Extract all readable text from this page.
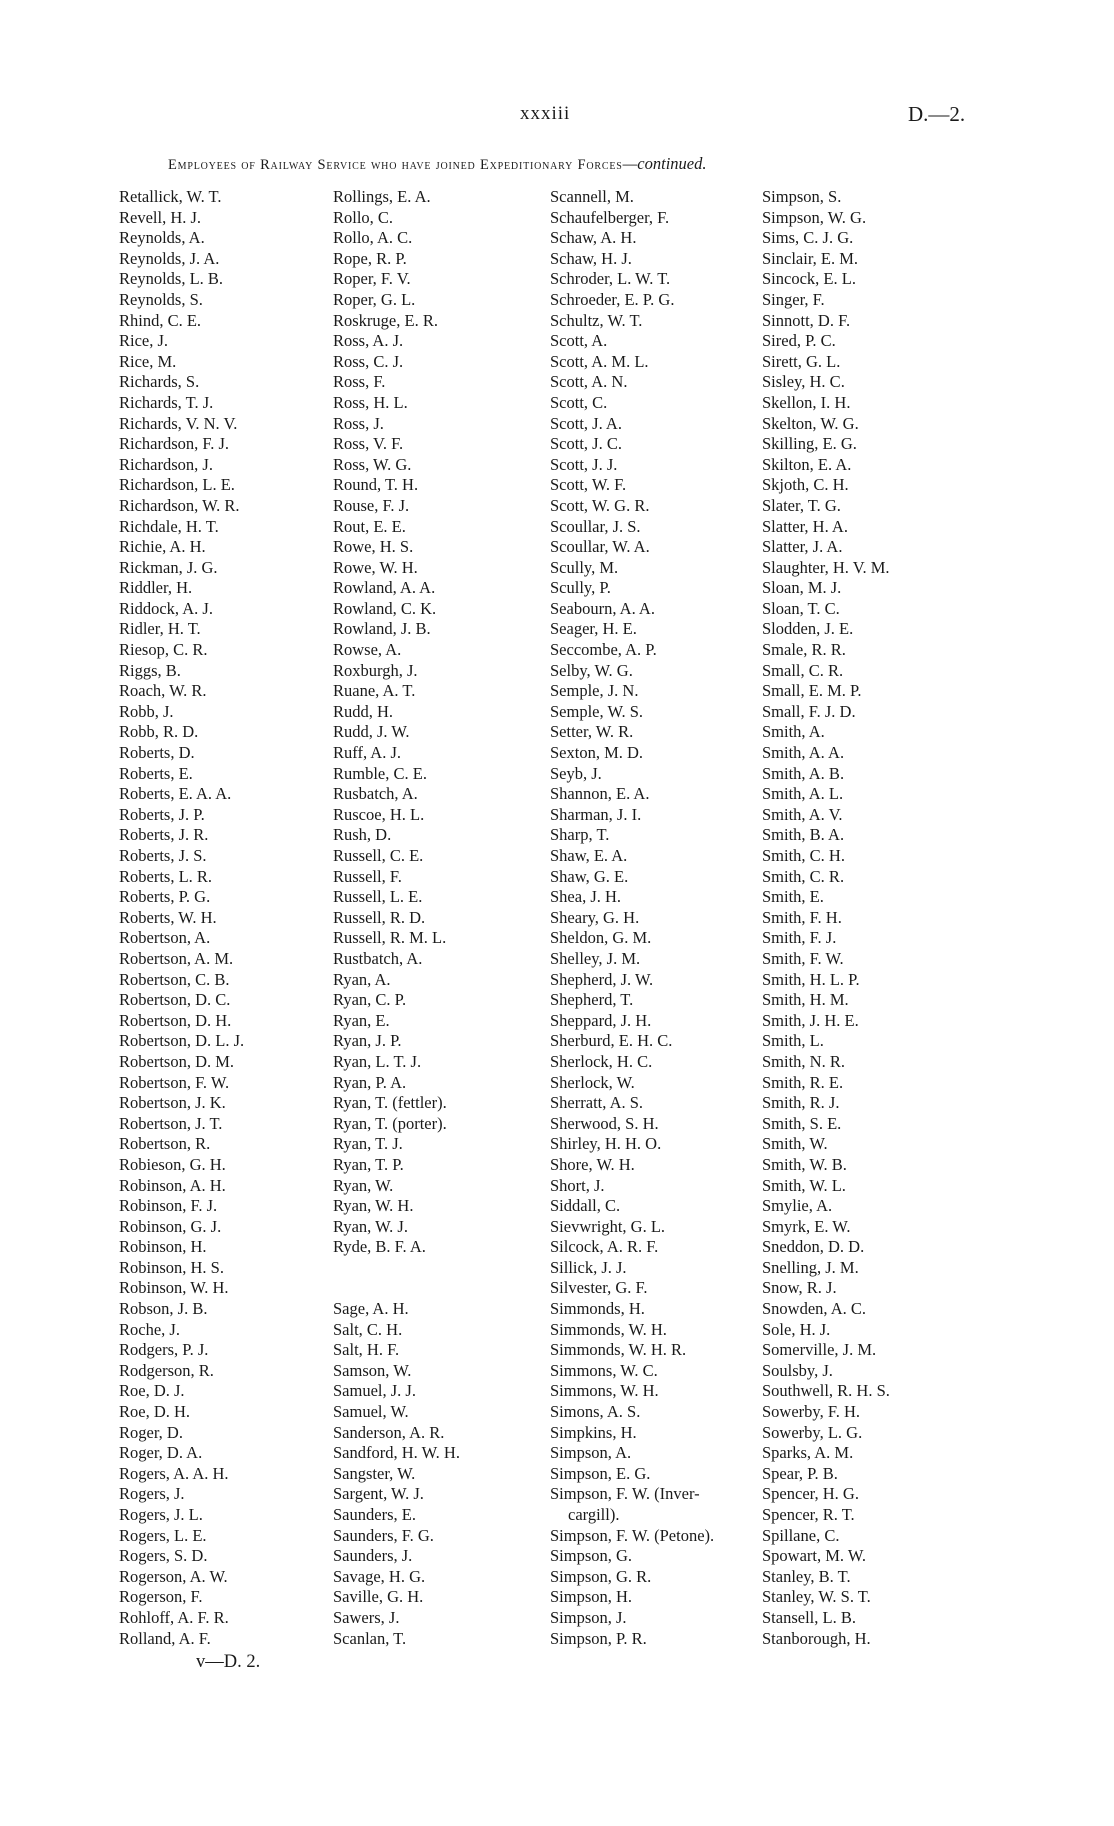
xxxiii	D.—2.
Employees of Railway Service who have joined Expeditionary Forces—continued.
Retallick, W. T.
Revell, H. J.
Reynolds, A.
Reynolds, J. A.
Reynolds, L. B.
Reynolds, S.
Rhind, C. E.
Rice, J.
Rice, M.
Richards, S.
Richards, T. J.
Richards, V. N. V.
Richardson, F. J.
Richardson, J.
Richardson, L. E.
Richardson, W. R.
Richdale, H. T.
Richie, A. H.
Rickman, J. G.
Riddler, H.
Riddock, A. J.
Ridler, H. T.
Riesop, C. R.
Riggs, B.
Roach, W. R.
Robb, J.
Robb, R. D.
Roberts, D.
Roberts, E.
Roberts, E. A. A.
Roberts, J. P.
Roberts, J. R.
Roberts, J. S.
Roberts, L. R.
Roberts, P. G.
Roberts, W. H.
Robertson, A.
Robertson, A. M.
Robertson, C. B.
Robertson, D. C.
Robertson, D. H.
Robertson, D. L. J.
Robertson, D. M.
Robertson, F. W.
Robertson, J. K.
Robertson, J. T.
Robertson, R.
Robieson, G. H.
Robinson, A. H.
Robinson, F. J.
Robinson, G. J.
Robinson, H.
Robinson, H. S.
Robinson, W. H.
Robson, J. B.
Roche, J.
Rodgers, P. J.
Rodgerson, R.
Roe, D. J.
Roe, D. H.
Roger, D.
Roger, D. A.
Rogers, A. A. H.
Rogers, J.
Rogers, J. L.
Rogers, L. E.
Rogers, S. D.
Rogerson, A. W.
Rogerson, F.
Rohloff, A. F. R.
Rolland, A. F.
Rollings, E. A.
Rollo, C.
Rollo, A. C.
Rope, R. P.
Roper, F. V.
Roper, G. L.
Roskruge, E. R.
Ross, A. J.
Ross, C. J.
Ross, F.
Ross, H. L.
Ross, J.
Ross, V. F.
Ross, W. G.
Round, T. H.
Rouse, F. J.
Rout, E. E.
Rowe, H. S.
Rowe, W. H.
Rowland, A. A.
Rowland, C. K.
Rowland, J. B.
Rowse, A.
Roxburgh, J.
Ruane, A. T.
Rudd, H.
Rudd, J. W.
Ruff, A. J.
Rumble, C. E.
Rusbatch, A.
Ruscoe, H. L.
Rush, D.
Russell, C. E.
Russell, F.
Russell, L. E.
Russell, R. D.
Russell, R. M. L.
Rustbatch, A.
Ryan, A.
Ryan, C. P.
Ryan, E.
Ryan, J. P.
Ryan, L. T. J.
Ryan, P. A.
Ryan, T. (fettler).
Ryan, T. (porter).
Ryan, T. J.
Ryan, T. P.
Ryan, W.
Ryan, W. H.
Ryan, W. J.
Ryde, B. F. A.
Sage, A. H.
Salt, C. H.
Salt, H. F.
Samson, W.
Samuel, J. J.
Samuel, W.
Sanderson, A. R.
Sandford, H. W. H.
Sangster, W.
Sargent, W. J.
Saunders, E.
Saunders, F. G.
Saunders, J.
Savage, H. G.
Saville, G. H.
Sawers, J.
Scanlan, T.
Scannell, M.
Schaufelberger, F.
Schaw, A. H.
Schaw, H. J.
Schroder, L. W. T.
Schroeder, E. P. G.
Schultz, W. T.
Scott, A.
Scott, A. M. L.
Scott, A. N.
Scott, C.
Scott, J. A.
Scott, J. C.
Scott, J. J.
Scott, W. F.
Scott, W. G. R.
Scoullar, J. S.
Scoullar, W. A.
Scully, M.
Scully, P.
Seabourn, A. A.
Seager, H. E.
Seccombe, A. P.
Selby, W. G.
Semple, J. N.
Semple, W. S.
Setter, W. R.
Sexton, M. D.
Seyb, J.
Shannon, E. A.
Sharman, J. I.
Sharp, T.
Shaw, E. A.
Shaw, G. E.
Shea, J. H.
Sheary, G. H.
Sheldon, G. M.
Shelley, J. M.
Shepherd, J. W.
Shepherd, T.
Sheppard, J. H.
Sherburd, E. H. C.
Sherlock, H. C.
Sherlock, W.
Sherratt, A. S.
Sherwood, S. H.
Shirley, H. H. O.
Shore, W. H.
Short, J.
Siddall, C.
Sievwright, G. L.
Silcock, A. R. F.
Sillick, J. J.
Silvester, G. F.
Simmonds, H.
Simmonds, W. H.
Simmonds, W. H. R.
Simmons, W. C.
Simmons, W. H.
Simons, A. S.
Simpkins, H.
Simpson, A.
Simpson, E. G.
Simpson, F. W. (Inver-
cargill).
Simpson, F. W. (Petone).
Simpson, G.
Simpson, G. R.
Simpson, H.
Simpson, J.
Simpson, P. R.
Simpson, S.
Simpson, W. G.
Sims, C. J. G.
Sinclair, E. M.
Sincock, E. L.
Singer, F.
Sinnott, D. F.
Sired, P. C.
Sirett, G. L.
Sisley, H. C.
Skellon, I. H.
Skelton, W. G.
Skilling, E. G.
Skilton, E. A.
Skjoth, C. H.
Slater, T. G.
Slatter, H. A.
Slatter, J. A.
Slaughter, H. V. M.
Sloan, M. J.
Sloan, T. C.
Slodden, J. E.
Smale, R. R.
Small, C. R.
Small, E. M. P.
Small, F. J. D.
Smith, A.
Smith, A. A.
Smith, A. B.
Smith, A. L.
Smith, A. V.
Smith, B. A.
Smith, C. H.
Smith, C. R.
Smith, E.
Smith, F. H.
Smith, F. J.
Smith, F. W.
Smith, H. L. P.
Smith, H. M.
Smith, J. H. E.
Smith, L.
Smith, N. R.
Smith, R. E.
Smith, R. J.
Smith, S. E.
Smith, W.
Smith, W. B.
Smith, W. L.
Smylie, A.
Smyrk, E. W.
Sneddon, D. D.
Snelling, J. M.
Snow, R. J.
Snowden, A. C.
Sole, H. J.
Somerville, J. M.
Soulsby, J.
Southwell, R. H. S.
Sowerby, F. H.
Sowerby, L. G.
Sparks, A. M.
Spear, P. B.
Spencer, H. G.
Spencer, R. T.
Spillane, C.
Spowart, M. W.
Stanley, B. T.
Stanley, W. S. T.
Stansell, L. B.
Stanborough, H.
v—D. 2.
